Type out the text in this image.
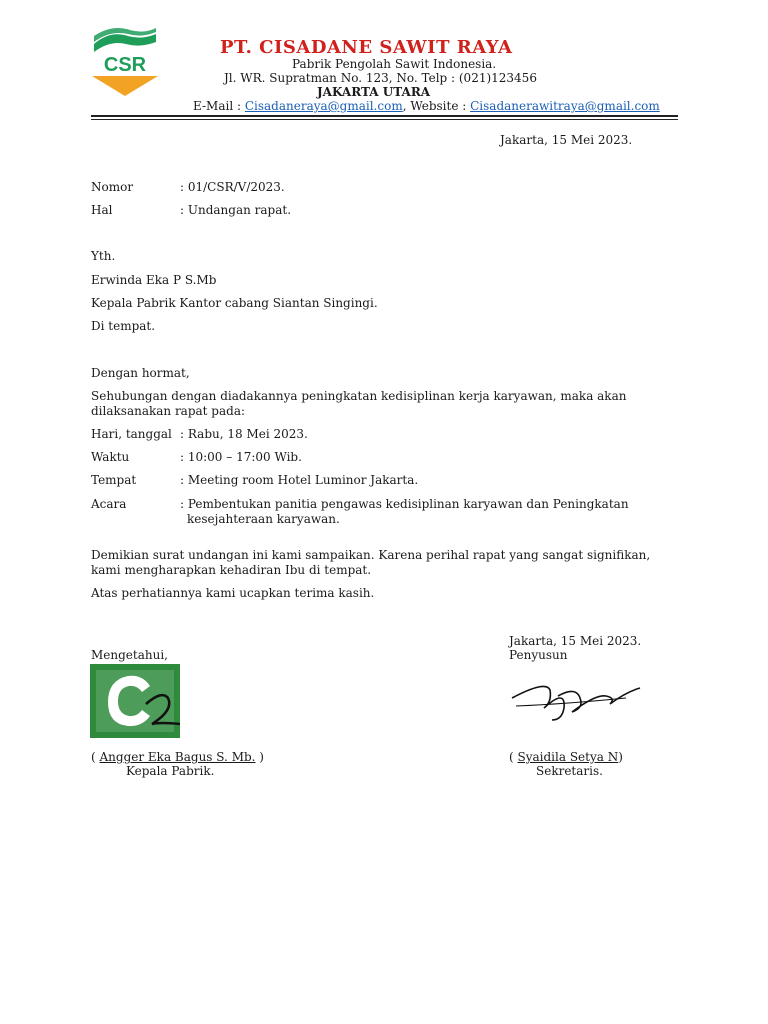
CSR
PT. CISADANE SAWIT RAYA
Pabrik Pengolah Sawit Indonesia.
Jl. WR. Supratman No. 123, No. Telp : (021)123456
JAKARTA UTARA
E-Mail : Cisadaneraya@gmail.com, Website : Cisadanerawitraya@gmail.com
Jakarta, 15 Mei 2023.
Nomor	: 01/CSR/V/2023.
Hal	: Undangan rapat.
Yth.
Erwinda Eka P S.Mb
Kepala Pabrik Kantor cabang Siantan Singingi.
Di tempat.
Dengan hormat,
Sehubungan dengan diadakannya peningkatan kedisiplinan kerja karyawan, maka akan
dilaksanakan rapat pada:
Hari, tanggal : Rabu, 18 Mei 2023.
Waktu	: 10:00 – 17:00 Wib.
Tempat	: Meeting room Hotel Luminor Jakarta.
Acara	: Pembentukan panitia pengawas kedisiplinan karyawan dan Peningkatan
kesejahteraan karyawan.
Demikian surat undangan ini kami sampaikan. Karena perihal rapat yang sangat signifikan,
kami mengharapkan kehadiran Ibu di tempat.
Atas perhatiannya kami ucapkan terima kasih.
Jakarta, 15 Mei 2023.
Mengetahui,	Penyusun
( Angger Eka Bagus S. Mb. )
Kepala Pabrik.
( Syaidila Setya N)
Sekretaris.
